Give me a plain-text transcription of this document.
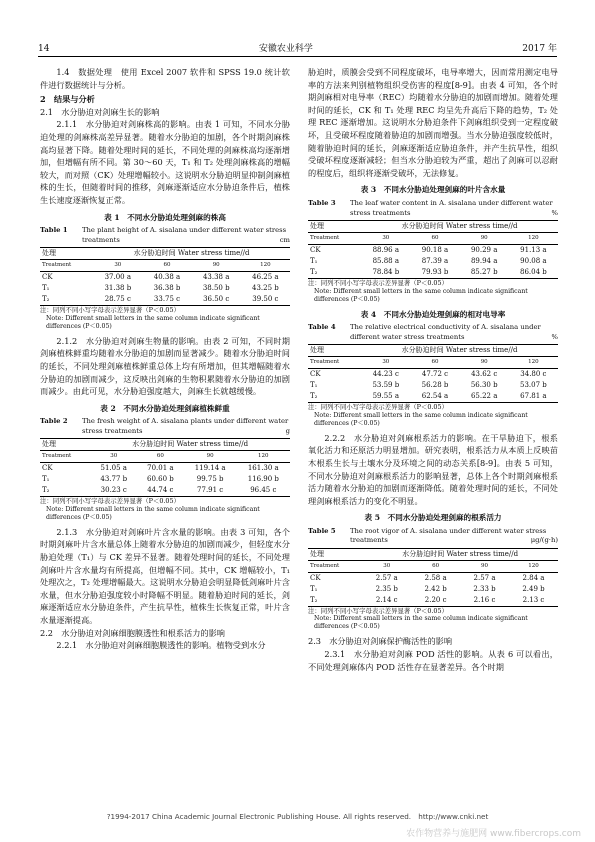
14	安徽农业科学	2017 年

1.4　数据处理　使用 Excel 2007 软件和 SPSS 19.0 统计软件进行数据统计与分析。

2　结果与分析

2.1　水分胁迫对剑麻生长的影响

2.1.1　水分胁迫对剑麻株高的影响。由表 1 可知，不同水分胁迫处理的剑麻株高差异显著。随着水分胁迫的加剧，各个时期剑麻株高均显著下降。随着处理时间的延长，不同处理的剑麻株高均逐渐增加，但增幅有所不同。第 30～60 天，T₁ 和 T₂ 处理剑麻株高的增幅较大，而对照（CK）处理增幅较小。这说明水分胁迫明显抑制剑麻植株的生长，但随着时间的推移，剑麻逐渐适应水分胁迫条件后，植株生长速度逐渐恢复正常。

表 1　不同水分胁迫处理剑麻的株高
Table 1	The plant height of A. sisalana under different water stress treatments	cm
处理	水分胁迫时间 Water stress time//d			
Treatment	30	60	90	120
CK	37.00 a	40.38 a	43.38 a	46.25 a
T₁	31.38 b	36.38 b	38.50 b	43.25 b
T₂	28.75 c	33.75 c	36.50 c	39.50 c
注：同列不同小写字母表示差异显著（P＜0.05）
Note: Different small letters in the same column indicate significant differences (P＜0.05)

2.1.2　水分胁迫对剑麻生物量的影响。由表 2 可知，不同时期剑麻植株鲜重均随着水分胁迫的加剧而显著减少。随着水分胁迫时间的延长，不同处理剑麻植株鲜重总体上均有所增加，但其增幅随着水分胁迫的加剧而减少，这反映出剑麻的生物积累随着水分胁迫的加剧而减少。由此可见，水分胁迫强度越大，剑麻生长就越缓慢。

表 2　不同水分胁迫处理剑麻植株鲜重
Table 2	The fresh weight of A. sisalana plants under different water stress treatments	g
处理	水分胁迫时间 Water stress time//d			
Treatment	30	60	90	120
CK	51.05 a	70.01 a	119.14 a	161.30 a
T₁	43.77 b	60.60 b	99.75 b	116.90 b
T₂	30.23 c	44.74 c	77.91 c	96.45 c
注：同列不同小写字母表示差异显著（P＜0.05）
Note: Different small letters in the same column indicate significant differences (P＜0.05)

2.1.3　水分胁迫对剑麻叶片含水量的影响。由表 3 可知，各个时期剑麻叶片含水量总体上随着水分胁迫的加剧而减少，但轻度水分胁迫处理（T₁）与 CK 差异不显著。随着处理时间的延长，不同处理剑麻叶片含水量均有所提高，但增幅不同。其中，CK 增幅较小，T₁ 处理次之，T₂ 处理增幅最大。这说明水分胁迫会明显降低剑麻叶片含水量，但水分胁迫强度较小时降幅不明显。随着胁迫时间的延长，剑麻逐渐适应水分胁迫条件，产生抗旱性，植株生长恢复正常，叶片含水量逐渐提高。

2.2　水分胁迫对剑麻细胞膜透性和根系活力的影响

2.2.1　水分胁迫对剑麻细胞膜透性的影响。植物受到水分

胁迫时，质膜会受到不同程度破坏，电导率增大，因而常用测定电导率的方法来判别植物组织受伤害的程度[8-9]。由表 4 可知，各个时期剑麻相对电导率（REC）均随着水分胁迫的加剧而增加。随着处理时间的延长，CK 和 T₁ 处理 REC 均呈先升高后下降的趋势，T₂ 处理 REC 逐渐增加。这说明水分胁迫条件下剑麻组织受到一定程度破坏，且受破坏程度随着胁迫的加剧而增强。当水分胁迫强度较低时，随着胁迫时间的延长，剑麻逐渐适应胁迫条件，并产生抗旱性，组织受破坏程度逐渐减轻；但当水分胁迫较为严重，超出了剑麻可以忍耐的程度后，组织将逐渐受破坏，无法修复。

表 3　不同水分胁迫处理剑麻的叶片含水量
Table 3	The leaf water content in A. sisalana under different water stress treatments	%
处理	水分胁迫时间 Water stress time//d			
Treatment	30	60	90	120
CK	88.96 a	90.18 a	90.29 a	91.13 a
T₁	85.88 a	87.39 a	89.94 a	90.08 a
T₂	78.84 b	79.93 b	85.27 b	86.04 b
注：同列不同小写字母表示差异显著（P＜0.05）
Note: Different small letters in the same column indicate significant differences (P＜0.05)
表 4　不同水分胁迫处理剑麻的相对电导率
Table 4	The relative electrical conductivity of A. sisalana under different water stress treatments	%
处理	水分胁迫时间 Water stress time//d			
Treatment	30	60	90	120
CK	44.23 c	47.72 c	43.62 c	34.80 c
T₁	53.59 b	56.28 b	56.30 b	53.07 b
T₂	59.55 a	62.54 a	65.22 a	67.81 a
注：同列不同小写字母表示差异显著（P＜0.05）
Note: Different small letters in the same column indicate significant differences (P＜0.05)

2.2.2　水分胁迫对剑麻根系活力的影响。在干旱胁迫下，根系氧化活力和还原活力明显增加。研究表明，根系活力从本质上反映苗木根系生长与土壤水分及环境之间的动态关系[8-9]。由表 5 可知，不同水分胁迫对剑麻根系活力的影响显著，总体上各个时期剑麻根系活力随着水分胁迫的加剧而逐渐降低。随着处理时间的延长，不同处理剑麻根系活力的变化不明显。

表 5　不同水分胁迫处理剑麻的根系活力
Table 5	The root vigor of A. sisalana under different water stress treatments	μg/(g·h)
处理	水分胁迫时间 Water stress time//d			
Treatment	30	60	90	120
CK	2.57 a	2.58 a	2.57 a	2.84 a
T₁	2.35 b	2.42 b	2.33 b	2.49 b
T₂	2.14 c	2.20 c	2.16 c	2.13 c
注：同列不同小写字母表示差异显著（P＜0.05）
Note: Different small letters in the same column indicate significant differences (P＜0.05)

2.3　水分胁迫对剑麻保护酶活性的影响

2.3.1　水分胁迫对剑麻 POD 活性的影响。从表 6 可以看出，不同处理剑麻体内 POD 活性存在显著差异。各个时期

?1994-2017 China Academic Journal Electronic Publishing House. All rights reserved.　http://www.cnki.net
农作物营养与施肥网 www.fibercrops.com
